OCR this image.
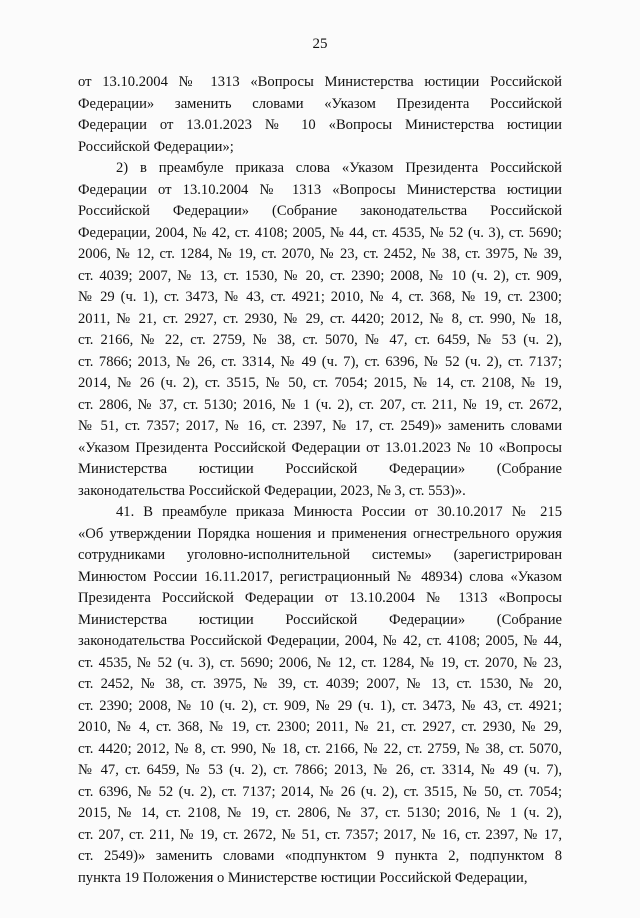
25
от 13.10.2004 № 1313 «Вопросы Министерства юстиции Российской
Федерации» заменить словами «Указом Президента Российской
Федерации от 13.01.2023 № 10 «Вопросы Министерства юстиции
Российской Федерации»;
2) в преамбуле приказа слова «Указом Президента Российской
Федерации от 13.10.2004 № 1313 «Вопросы Министерства юстиции
Российской Федерации» (Собрание законодательства Российской
Федерации, 2004, № 42, ст. 4108; 2005, № 44, ст. 4535, № 52 (ч. 3), ст. 5690;
2006, № 12, ст. 1284, № 19, ст. 2070, № 23, ст. 2452, № 38, ст. 3975, № 39,
ст. 4039; 2007, № 13, ст. 1530, № 20, ст. 2390; 2008, № 10 (ч. 2), ст. 909,
№ 29 (ч. 1), ст. 3473, № 43, ст. 4921; 2010, № 4, ст. 368, № 19, ст. 2300;
2011, № 21, ст. 2927, ст. 2930, № 29, ст. 4420; 2012, № 8, ст. 990, № 18,
ст. 2166, № 22, ст. 2759, № 38, ст. 5070, № 47, ст. 6459, № 53 (ч. 2),
ст. 7866; 2013, № 26, ст. 3314, № 49 (ч. 7), ст. 6396, № 52 (ч. 2), ст. 7137;
2014, № 26 (ч. 2), ст. 3515, № 50, ст. 7054; 2015, № 14, ст. 2108, № 19,
ст. 2806, № 37, ст. 5130; 2016, № 1 (ч. 2), ст. 207, ст. 211, № 19, ст. 2672,
№ 51, ст. 7357; 2017, № 16, ст. 2397, № 17, ст. 2549)» заменить словами
«Указом Президента Российской Федерации от 13.01.2023 № 10 «Вопросы
Министерства юстиции Российской Федерации» (Собрание
законодательства Российской Федерации, 2023, № 3, ст. 553)».
41. В преамбуле приказа Минюста России от 30.10.2017 № 215
«Об утверждении Порядка ношения и применения огнестрельного оружия
сотрудниками уголовно-исполнительной системы» (зарегистрирован
Минюстом России 16.11.2017, регистрационный № 48934) слова «Указом
Президента Российской Федерации от 13.10.2004 № 1313 «Вопросы
Министерства юстиции Российской Федерации» (Собрание
законодательства Российской Федерации, 2004, № 42, ст. 4108; 2005, № 44,
ст. 4535, № 52 (ч. 3), ст. 5690; 2006, № 12, ст. 1284, № 19, ст. 2070, № 23,
ст. 2452, № 38, ст. 3975, № 39, ст. 4039; 2007, № 13, ст. 1530, № 20,
ст. 2390; 2008, № 10 (ч. 2), ст. 909, № 29 (ч. 1), ст. 3473, № 43, ст. 4921;
2010, № 4, ст. 368, № 19, ст. 2300; 2011, № 21, ст. 2927, ст. 2930, № 29,
ст. 4420; 2012, № 8, ст. 990, № 18, ст. 2166, № 22, ст. 2759, № 38, ст. 5070,
№ 47, ст. 6459, № 53 (ч. 2), ст. 7866; 2013, № 26, ст. 3314, № 49 (ч. 7),
ст. 6396, № 52 (ч. 2), ст. 7137; 2014, № 26 (ч. 2), ст. 3515, № 50, ст. 7054;
2015, № 14, ст. 2108, № 19, ст. 2806, № 37, ст. 5130; 2016, № 1 (ч. 2),
ст. 207, ст. 211, № 19, ст. 2672, № 51, ст. 7357; 2017, № 16, ст. 2397, № 17,
ст. 2549)» заменить словами «подпунктом 9 пункта 2, подпунктом 8
пункта 19 Положения о Министерстве юстиции Российской Федерации,
